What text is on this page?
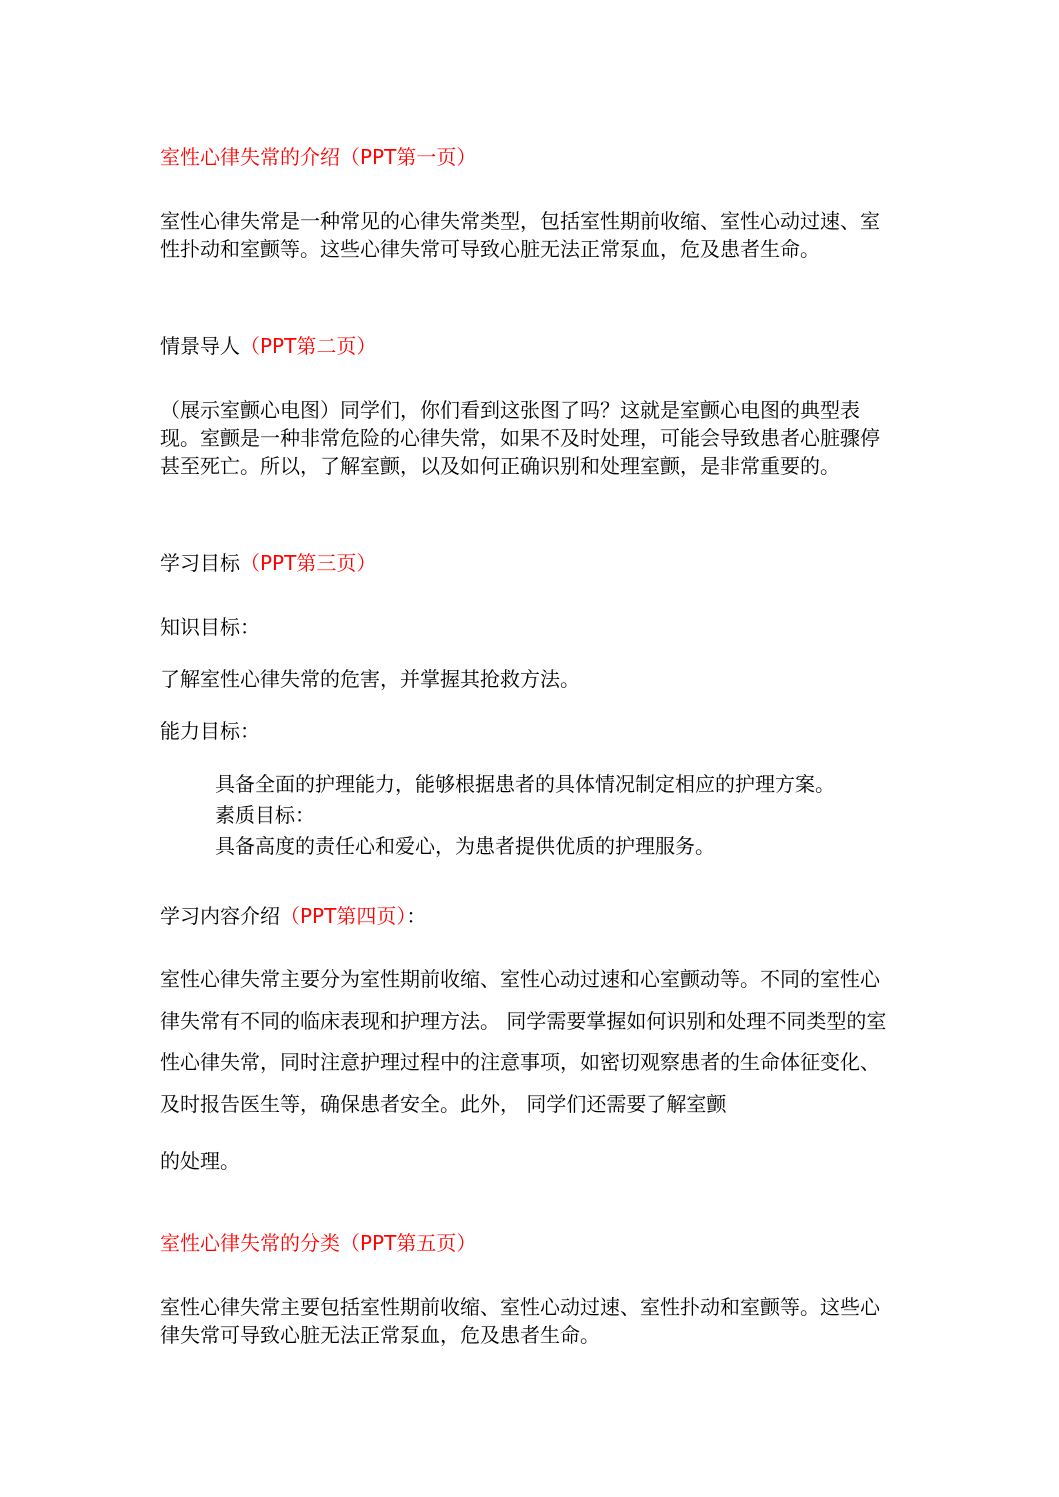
室性心律失常的介绍（PPT第一页）

室性心律失常是一种常见的心律失常类型，包括室性期前收缩、室性心动过速、室性扑动和室颤等。这些心律失常可导致心脏无法正常泵血，危及患者生命。

情景导人（PPT第二页）

（展示室颤心电图）同学们，你们看到这张图了吗？这就是室颤心电图的典型表现。室颤是一种非常危险的心律失常，如果不及时处理，可能会导致患者心脏骤停甚至死亡。所以，了解室颤，以及如何正确识别和处理室颤，是非常重要的。

学习目标（PPT第三页）

知识目标：

了解室性心律失常的危害，并掌握其抢救方法。

能力目标：

具备全面的护理能力，能够根据患者的具体情况制定相应的护理方案。

素质目标：

具备高度的责任心和爱心，为患者提供优质的护理服务。

学习内容介绍（PPT第四页）：

室性心律失常主要分为室性期前收缩、室性心动过速和心室颤动等。不同的室性心律失常有不同的临床表现和护理方法。 同学需要掌握如何识别和处理不同类型的室性心律失常，同时注意护理过程中的注意事项，如密切观察患者的生命体征变化、及时报告医生等，确保患者安全。此外， 同学们还需要了解室颤

的处理。

室性心律失常的分类（PPT第五页）

室性心律失常主要包括室性期前收缩、室性心动过速、室性扑动和室颤等。这些心律失常可导致心脏无法正常泵血，危及患者生命。
